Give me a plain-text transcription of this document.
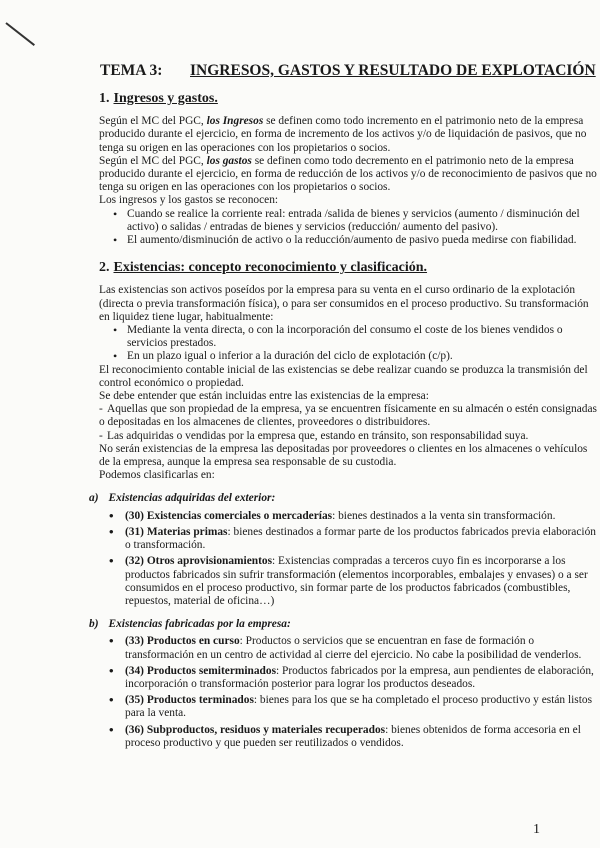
TEMA 3: INGRESOS, GASTOS Y RESULTADO DE EXPLOTACIÓN
1. Ingresos y gastos.

Según el MC del PGC, los Ingresos se definen como todo incremento en el patrimonio neto de la empresa producido durante el ejercicio, en forma de incremento de los activos y/o de liquidación de pasivos, que no tenga su origen en las operaciones con los propietarios o socios.

Según el MC del PGC, los gastos se definen como todo decremento en el patrimonio neto de la empresa producido durante el ejercicio, en forma de reducción de los activos y/o de reconocimiento de pasivos que no tenga su origen en las operaciones con los propietarios o socios.

Los ingresos y los gastos se reconocen:

• Cuando se realice la corriente real: entrada /salida de bienes y servicios (aumento / disminución del activo) o salidas / entradas de bienes y servicios (reducción/ aumento del pasivo).
• El aumento/disminución de activo o la reducción/aumento de pasivo pueda medirse con fiabilidad.
2. Existencias: concepto reconocimiento y clasificación.

Las existencias son activos poseídos por la empresa para su venta en el curso ordinario de la explotación (directa o previa transformación física), o para ser consumidos en el proceso productivo. Su transformación en liquidez tiene lugar, habitualmente:

• Mediante la venta directa, o con la incorporación del consumo el coste de los bienes vendidos o servicios prestados.
• En un plazo igual o inferior a la duración del ciclo de explotación (c/p).

El reconocimiento contable inicial de las existencias se debe realizar cuando se produzca la transmisión del control económico o propiedad.

Se debe entender que están incluidas entre las existencias de la empresa:

- Aquellas que son propiedad de la empresa, ya se encuentren físicamente en su almacén o estén consignadas o depositadas en los almacenes de clientes, proveedores o distribuidores.

- Las adquiridas o vendidas por la empresa que, estando en tránsito, son responsabilidad suya.

No serán existencias de la empresa las depositadas por proveedores o clientes en los almacenes o vehículos de la empresa, aunque la empresa sea responsable de su custodia.

Podemos clasificarlas en:

a) Existencias adquiridas del exterior:
• (30) Existencias comerciales o mercaderías: bienes destinados a la venta sin transformación.
• (31) Materias primas: bienes destinados a formar parte de los productos fabricados previa elaboración o transformación.
• (32) Otros aprovisionamientos: Existencias compradas a terceros cuyo fin es incorporarse a los productos fabricados sin sufrir transformación (elementos incorporables, embalajes y envases) o a ser consumidos en el proceso productivo, sin formar parte de los productos fabricados (combustibles, repuestos, material de oficina…)
b) Existencias fabricadas por la empresa:
• (33) Productos en curso: Productos o servicios que se encuentran en fase de formación o transformación en un centro de actividad al cierre del ejercicio. No cabe la posibilidad de venderlos.
• (34) Productos semiterminados: Productos fabricados por la empresa, aun pendientes de elaboración, incorporación o transformación posterior para lograr los productos deseados.
• (35) Productos terminados: bienes para los que se ha completado el proceso productivo y están listos para la venta.
• (36) Subproductos, residuos y materiales recuperados: bienes obtenidos de forma accesoria en el proceso productivo y que pueden ser reutilizados o vendidos.
1
